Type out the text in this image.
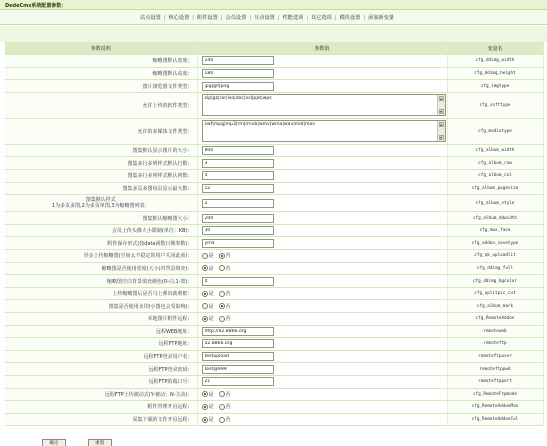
DedeCms系统配置参数：
站点设置 | 核心设置 | 附件设置 | 会员设置 | 互动设置 | 性能选项 | 其它选项 | 模块设置 | 添加新变量
参数说明	参数值	变量名
缩略图默认宽度：	240	cfg_ddimg_width
缩略图默认高度：	180	cfg_ddimg_height
图片浏览器文件类型：	jpg|gif|png	cfg_imgtype
允许上传的软件类型：	zip|gz|rar|iso|doc|xsl|ppt|wps	cfg_softtype
允许的多媒体文件类型：	swf|mpg|mp3|rm|rmvb|wmv|wma|wav|mid|mov	cfg_mediatype
图集默认显示图片的大小：	800	cfg_album_width
图集多行多列样式默认行数：	3	cfg_album_row
图集多行多列样式默认列数：	4	cfg_album_col
图集多页多图每页显示最大数：	12	cfg_album_pagesize
图集默认样式
1为多页多图,2为多页单图,3为缩略图列表：	2	cfg_album_style
图集默认缩略图大小：	200	cfg_album_ddwidth
会员上传头像大小限制(单位：KB)：	30	cfg_max_face
附件保存形式(按data函数日期参数)：	ym4	cfg_addon_savetype
异步上传缩略图(空间太不稳定的用户关闭此项)：	是 否	cfg_qk_uploadlit
缩略图是否使用宽度(大小)对背景填充)：	是 否	cfg_ddimg_full
缩略图空白背景填充颜色(0-白,1-黑)：	0	cfg_ddimg_bgcolor
上传缩略图后是否马上弹出裁剪框：	是 否	cfg_uplitpic_cut
图集是否使用水印(小图也会受影响)：	是 否	cfg_album_mark
本地图片附件远程：	是 否	cfg_RemoteAddon
远程WEB地址：	http://a2.8866.org	remoteweb
远程FTP地址：	a2.8866.org	remoteftp
远程FTP登录用户名：	testupload	remoteftpuser
远程FTP登录密码：	test@999	remoteftppwd
远程FTP的端口号：	21	remoteftpport
远程FTP上传被动式(Y-被动；N-主动)：	是 否	cfg_RemoteFtpmode
附件管理开启远程：	是 否	cfg_RemoteAddonMan
采集下载的文件开启远程：	是 否	cfg_RemoteAddonCol
确定	重置
